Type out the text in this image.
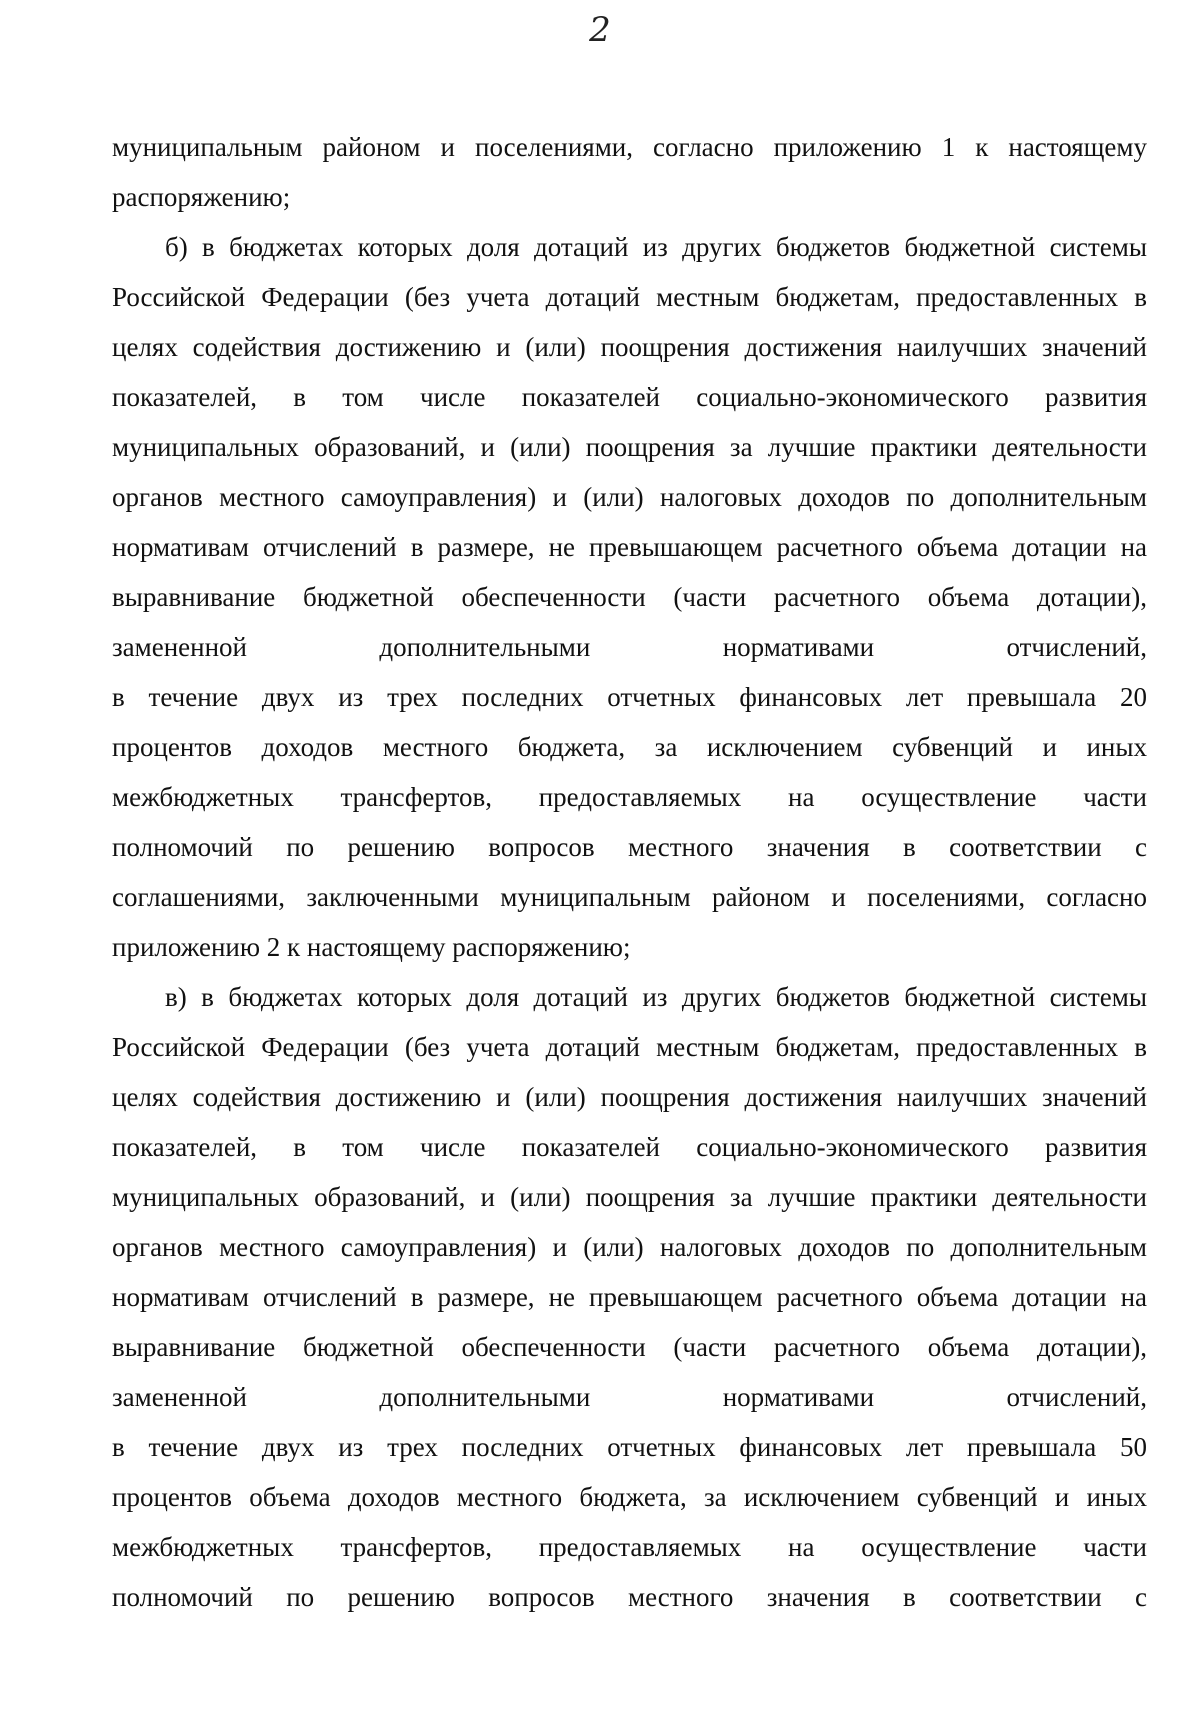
2
муниципальным районом и поселениями, согласно приложению 1 к настоящему
распоряжению;
б) в бюджетах которых доля дотаций из других бюджетов бюджетной системы
Российской Федерации (без учета дотаций местным бюджетам, предоставленных в
целях содействия достижению и (или) поощрения достижения наилучших значений
показателей, в том числе показателей социально-экономического развития
муниципальных образований, и (или) поощрения за лучшие практики деятельности
органов местного самоуправления) и (или) налоговых доходов по дополнительным
нормативам отчислений в размере, не превышающем расчетного объема дотации на
выравнивание бюджетной обеспеченности (части расчетного объема дотации),
замененной дополнительными нормативами отчислений,
в течение двух из трех последних отчетных финансовых лет превышала 20
процентов доходов местного бюджета, за исключением субвенций и иных
межбюджетных трансфертов, предоставляемых на осуществление части
полномочий по решению вопросов местного значения в соответствии с
соглашениями, заключенными муниципальным районом и поселениями, согласно
приложению 2 к настоящему распоряжению;
в) в бюджетах которых доля дотаций из других бюджетов бюджетной системы
Российской Федерации (без учета дотаций местным бюджетам, предоставленных в
целях содействия достижению и (или) поощрения достижения наилучших значений
показателей, в том числе показателей социально-экономического развития
муниципальных образований, и (или) поощрения за лучшие практики деятельности
органов местного самоуправления) и (или) налоговых доходов по дополнительным
нормативам отчислений в размере, не превышающем расчетного объема дотации на
выравнивание бюджетной обеспеченности (части расчетного объема дотации),
замененной дополнительными нормативами отчислений,
в течение двух из трех последних отчетных финансовых лет превышала 50
процентов объема доходов местного бюджета, за исключением субвенций и иных
межбюджетных трансфертов, предоставляемых на осуществление части
полномочий по решению вопросов местного значения в соответствии с
